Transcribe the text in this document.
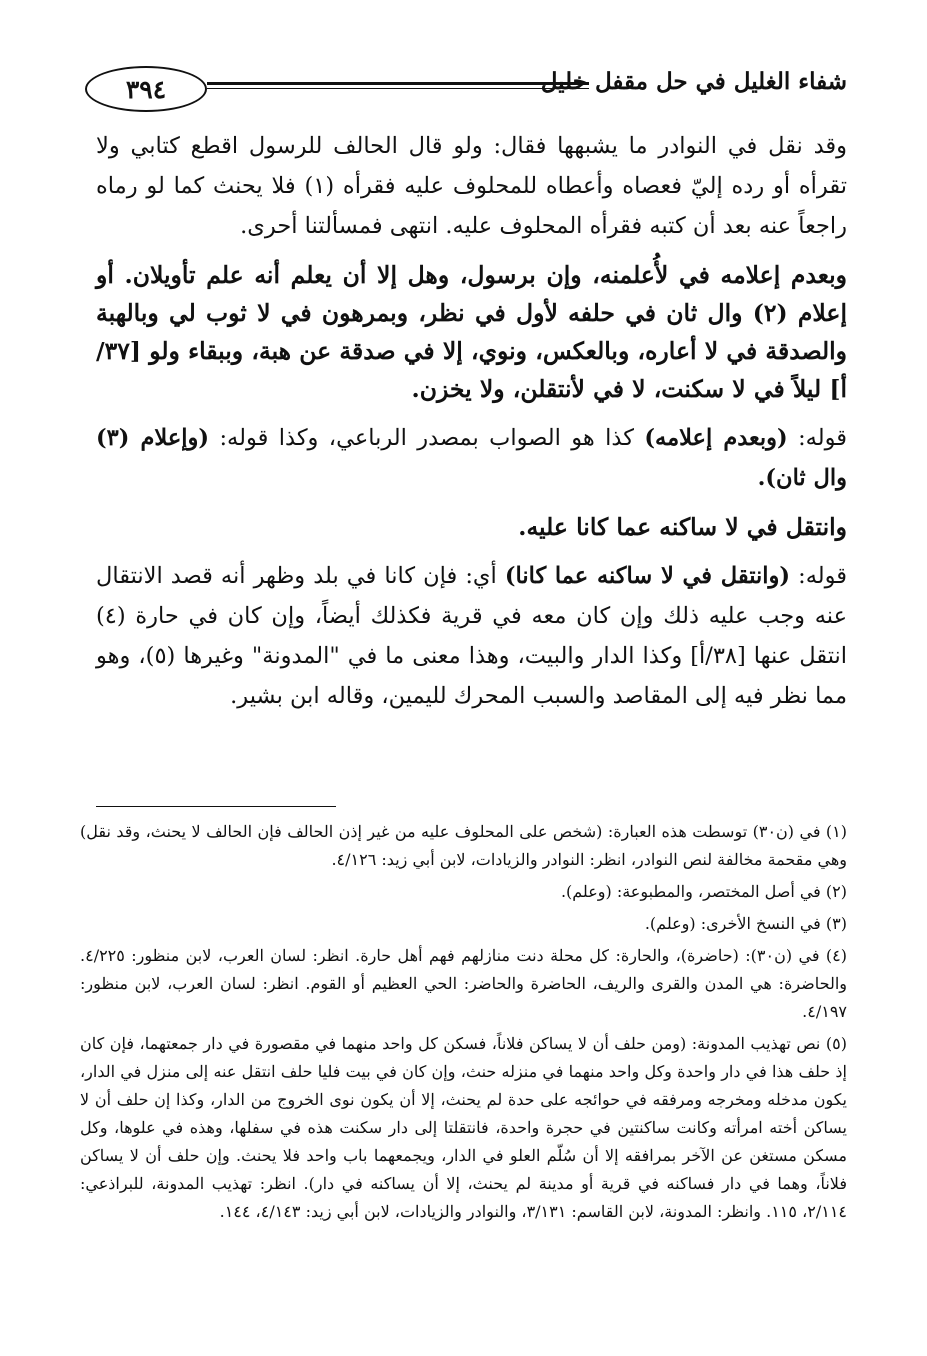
٣٩٤	شفاء الغليل في حل مقفل خليل

وقد نقل في النوادر ما يشبهها فقال: ولو قال الحالف للرسول اقطع كتابي ولا تقرأه أو رده إليّ فعصاه وأعطاه للمحلوف عليه فقرأه (١) فلا يحنث كما لو رماه راجعاً عنه بعد أن كتبه فقرأه المحلوف عليه. انتهى فمسألتنا أحرى.

وبعدم إعلامه في لأُعلمنه، وإن برسول، وهل إلا أن يعلم أنه علم تأويلان. أو إعلام (٢) وال ثان في حلفه لأول في نظر، وبمرهون في لا ثوب لي وبالهبة والصدقة في لا أعاره، وبالعكس، ونوي، إلا في صدقة عن هبة، وببقاء ولو [٣٧/أ] ليلاً في لا سكنت، لا في لأنتقلن، ولا يخزن.

قوله: (وبعدم إعلامه) كذا هو الصواب بمصدر الرباعي، وكذا قوله: (وإعلام (٣) وال ثان).

وانتقل في لا ساكنه عما كانا عليه.

قوله: (وانتقل في لا ساكنه عما كانا) أي: فإن كانا في بلد وظهر أنه قصد الانتقال عنه وجب عليه ذلك وإن كان معه في قرية فكذلك أيضاً، وإن كان في حارة (٤) انتقل عنها [٣٨/أ] وكذا الدار والبيت، وهذا معنى ما في "المدونة" وغيرها (٥)، وهو مما نظر فيه إلى المقاصد والسبب المحرك لليمين، وقاله ابن بشير.

(١) في (ن٣٠) توسطت هذه العبارة: (شخص على المحلوف عليه من غير إذن الحالف فإن الحالف لا يحنث، وقد نقل) وهي مقحمة مخالفة لنص النوادر، انظر: النوادر والزيادات، لابن أبي زيد: ٤/١٢٦.

(٢) في أصل المختصر، والمطبوعة: (وعلم).

(٣) في النسخ الأخرى: (وعلم).

(٤) في (ن٣٠): (حاضرة)، والحارة: كل محلة دنت منازلهم فهم أهل حارة. انظر: لسان العرب، لابن منظور: ٤/٢٢٥. والحاضرة: هي المدن والقرى والريف، الحاضرة والحاضر: الحي العظيم أو القوم. انظر: لسان العرب، لابن منظور: ٤/١٩٧.

(٥) نص تهذيب المدونة: (ومن حلف أن لا يساكن فلاناً، فسكن كل واحد منهما في مقصورة في دار جمعتهما، فإن كان إذ حلف هذا في دار واحدة وكل واحد منهما في منزله حنث، وإن كان في بيت فليا حلف انتقل عنه إلى منزل في الدار، يكون مدخله ومخرجه ومرفقه في حوائجه على حدة لم يحنث، إلا أن يكون نوى الخروج من الدار، وكذا إن حلف أن لا يساكن أخته امرأته وكانت ساكنتين في حجرة واحدة، فانتقلتا إلى دار سكنت هذه في سفلها، وهذه في علوها، وكل مسكن مستغن عن الآخر بمرافقه إلا أن سُلّم العلو في الدار، ويجمعهما باب واحد فلا يحنث. وإن حلف أن لا يساكن فلاناً، وهما في دار فساكنه في قرية أو مدينة لم يحنث، إلا أن يساكنه في دار). انظر: تهذيب المدونة، للبراذعي: ٢/١١٤، ١١٥. وانظر: المدونة، لابن القاسم: ٣/١٣١، والنوادر والزيادات، لابن أبي زيد: ٤/١٤٣، ١٤٤.
